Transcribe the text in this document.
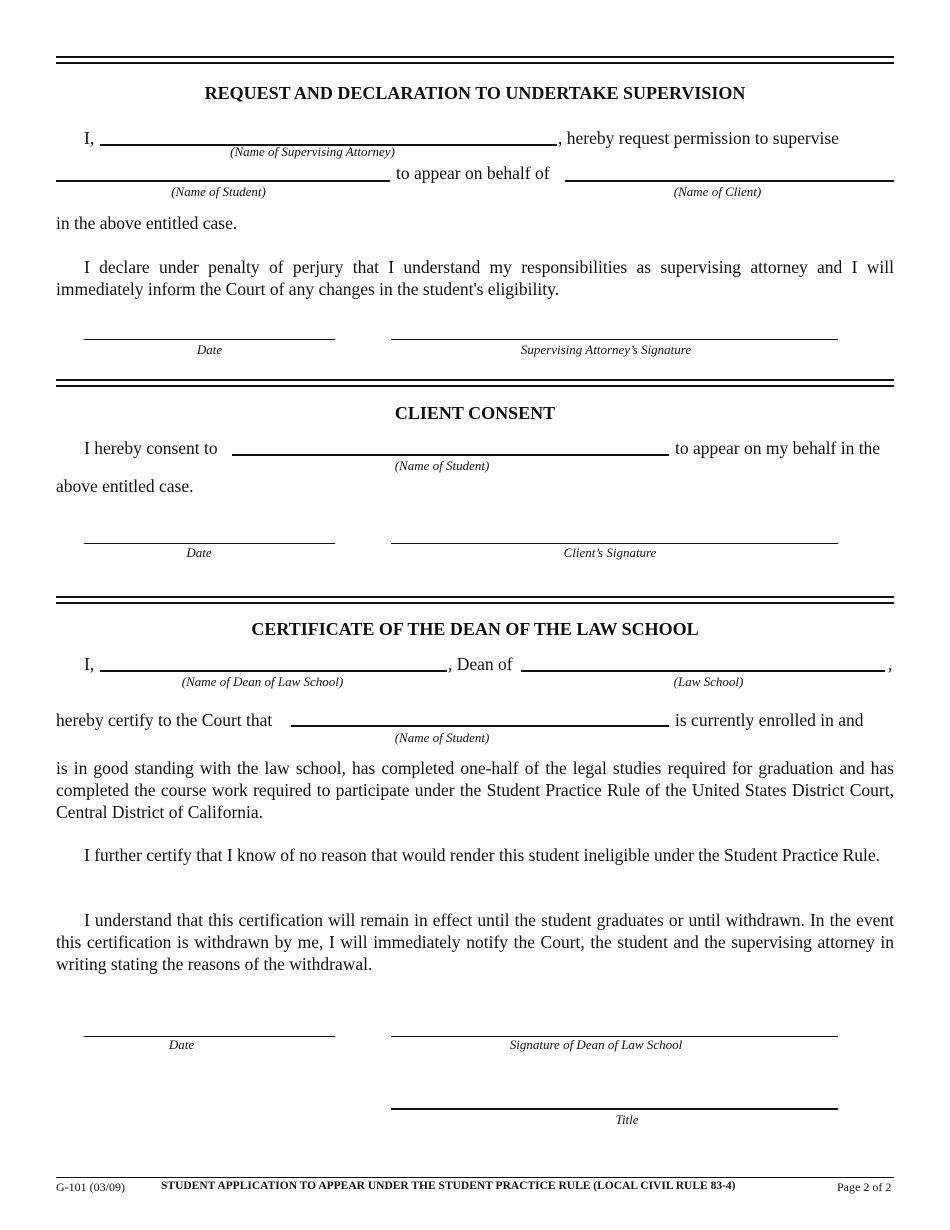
REQUEST AND DECLARATION TO UNDERTAKE SUPERVISION
I,	, hereby request permission to supervise
(Name of Supervising Attorney)
to appear on behalf of
(Name of Student)	(Name of Client)
in the above entitled case.
I declare under penalty of perjury that I understand my responsibilities as supervising attorney and I will immediately inform the Court of any changes in the student's eligibility.
Date	Supervising Attorney’s Signature
CLIENT CONSENT
I hereby consent to	to appear on my behalf in the
(Name of Student)
above entitled case.
Date	Client’s Signature
CERTIFICATE OF THE DEAN OF THE LAW SCHOOL
I,	, Dean of	,
(Name of Dean of Law School)	(Law School)
hereby certify to the Court that	is currently enrolled in and
(Name of Student)
is in good standing with the law school, has completed one-half of the legal studies required for graduation and has completed the course work required to participate under the Student Practice Rule of the United States District Court, Central District of California.
I further certify that I know of no reason that would render this student ineligible under the Student Practice Rule.
I understand that this certification will remain in effect until the student graduates or until withdrawn. In the event this certification is withdrawn by me, I will immediately notify the Court, the student and the supervising attorney in writing stating the reasons of the withdrawal.
Date	Signature of Dean of Law School
Title
G-101 (03/09)	STUDENT APPLICATION TO APPEAR UNDER THE STUDENT PRACTICE RULE (LOCAL CIVIL RULE 83-4)	Page 2 of 2
